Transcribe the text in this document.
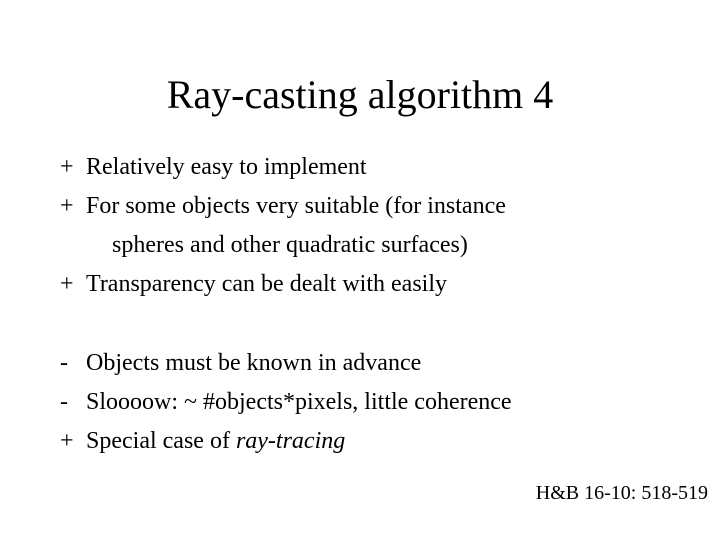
Ray-casting algorithm 4
+ Relatively easy to implement
+ For some objects very suitable (for instance
spheres and other quadratic surfaces)
+ Transparency can be dealt with easily
- Objects must be known in advance
- Sloooow: ~ #objects*pixels, little coherence
+ Special case of ray-tracing
H&B 16-10: 518-519
